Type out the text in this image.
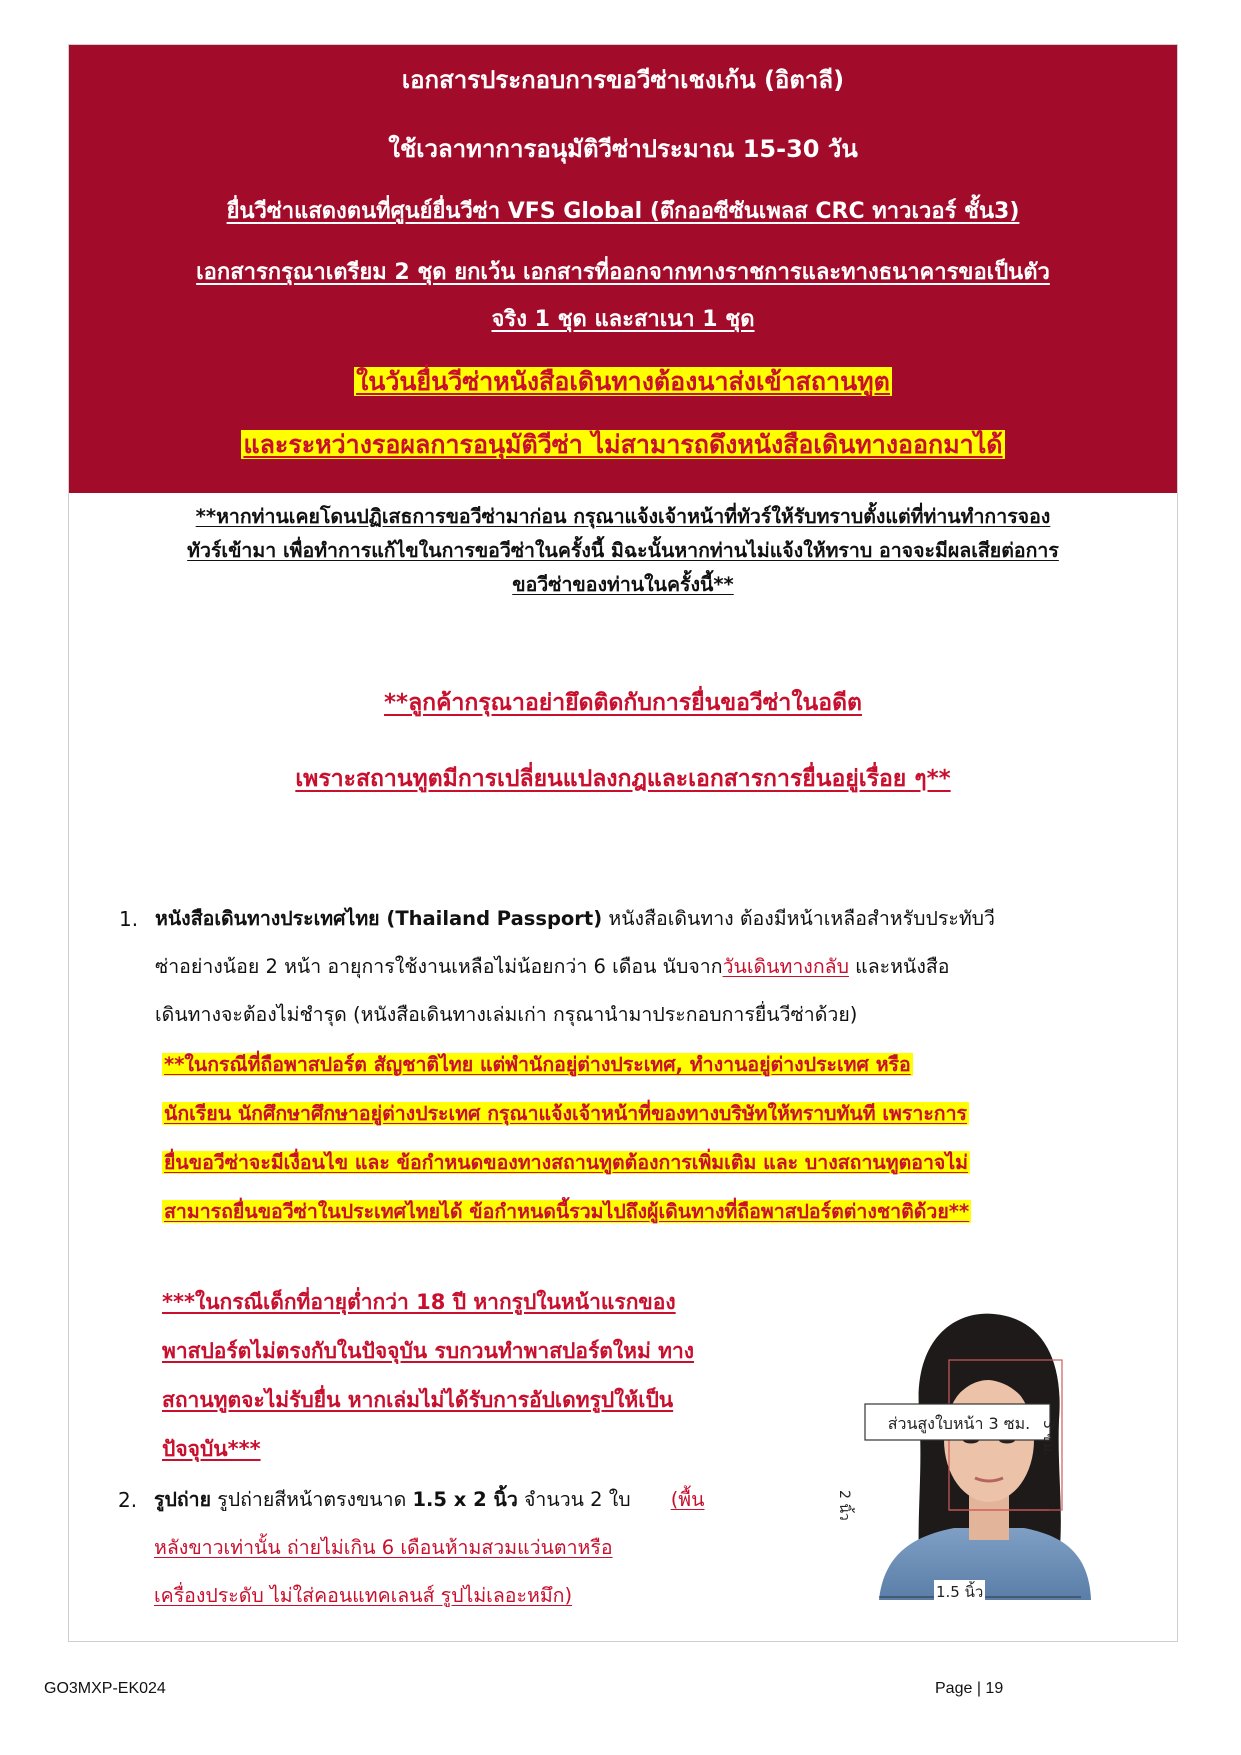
เอกสารประกอบการขอวีซ่าเชงเก้น (อิตาลี)
ใช้เวลาทาการอนุมัติวีซ่าประมาณ 15-30 วัน
ยื่นวีซ่าแสดงตนที่ศูนย์ยื่นวีซ่า VFS Global (ตึกออซีซันเพลส CRC ทาวเวอร์ ชั้น3)
เอกสารกรุณาเตรียม 2 ชุด ยกเว้น เอกสารที่ออกจากทางราชการและทางธนาคารขอเป็นตัว
จริง 1 ชุด และสาเนา 1 ชุด
ในวันยื่นวีซ่าหนังสือเดินทางต้องนาส่งเข้าสถานทูต
และระหว่างรอผลการอนุมัติวีซ่า ไม่สามารถดึงหนังสือเดินทางออกมาได้
**หากท่านเคยโดนปฏิเสธการขอวีซ่ามาก่อน กรุณาแจ้งเจ้าหน้าที่ทัวร์ให้รับทราบตั้งแต่ที่ท่านทำการจอง
ทัวร์เข้ามา เพื่อทำการแก้ไขในการขอวีซ่าในครั้งนี้ มิฉะนั้นหากท่านไม่แจ้งให้ทราบ อาจจะมีผลเสียต่อการ
ขอวีซ่าของท่านในครั้งนี้**
**ลูกค้ากรุณาอย่ายึดติดกับการยื่นขอวีซ่าในอดีต
เพราะสถานทูตมีการเปลี่ยนแปลงกฎและเอกสารการยื่นอยู่เรื่อย ๆ**
1. หนังสือเดินทางประเทศไทย (Thailand Passport) หนังสือเดินทาง ต้องมีหน้าเหลือสำหรับประทับวี
ซ่าอย่างน้อย 2 หน้า อายุการใช้งานเหลือไม่น้อยกว่า 6 เดือน นับจากวันเดินทางกลับ และหนังสือ
เดินทางจะต้องไม่ชำรุด (หนังสือเดินทางเล่มเก่า กรุณานำมาประกอบการยื่นวีซ่าด้วย)
**ในกรณีที่ถือพาสปอร์ต สัญชาติไทย แต่พำนักอยู่ต่างประเทศ, ทำงานอยู่ต่างประเทศ หรือ
นักเรียน นักศึกษาศึกษาอยู่ต่างประเทศ กรุณาแจ้งเจ้าหน้าที่ของทางบริษัทให้ทราบทันที เพราะการ
ยื่นขอวีซ่าจะมีเงื่อนไข และ ข้อกำหนดของทางสถานทูตต้องการเพิ่มเติม และ บางสถานทูตอาจไม่
สามารถยื่นขอวีซ่าในประเทศไทยได้ ข้อกำหนดนี้รวมไปถึงผู้เดินทางที่ถือพาสปอร์ตต่างชาติด้วย**
***ในกรณีเด็กที่อายุต่ำกว่า 18 ปี หากรูปในหน้าแรกของ
พาสปอร์ตไม่ตรงกับในปัจจุบัน รบกวนทำพาสปอร์ตใหม่ ทาง
สถานทูตจะไม่รับยื่น หากเล่มไม่ได้รับการอัปเดทรูปให้เป็น
ปัจจุบัน***
2. รูปถ่าย รูปถ่ายสีหน้าตรงขนาด 1.5 x 2 นิ้ว จำนวน 2 ใบ (พื้น
หลังขาวเท่านั้น ถ่ายไม่เกิน 6 เดือนห้ามสวมแว่นตาหรือ
เครื่องประดับ ไม่ใส่คอนแทคเลนส์ รูปไม่เลอะหมึก)
ส่วนสูงใบหน้า 3 ซม. 3 ซม.
2 นิ้ว
1.5 นิ้ว
GO3MXP-EK024	Page | 19
